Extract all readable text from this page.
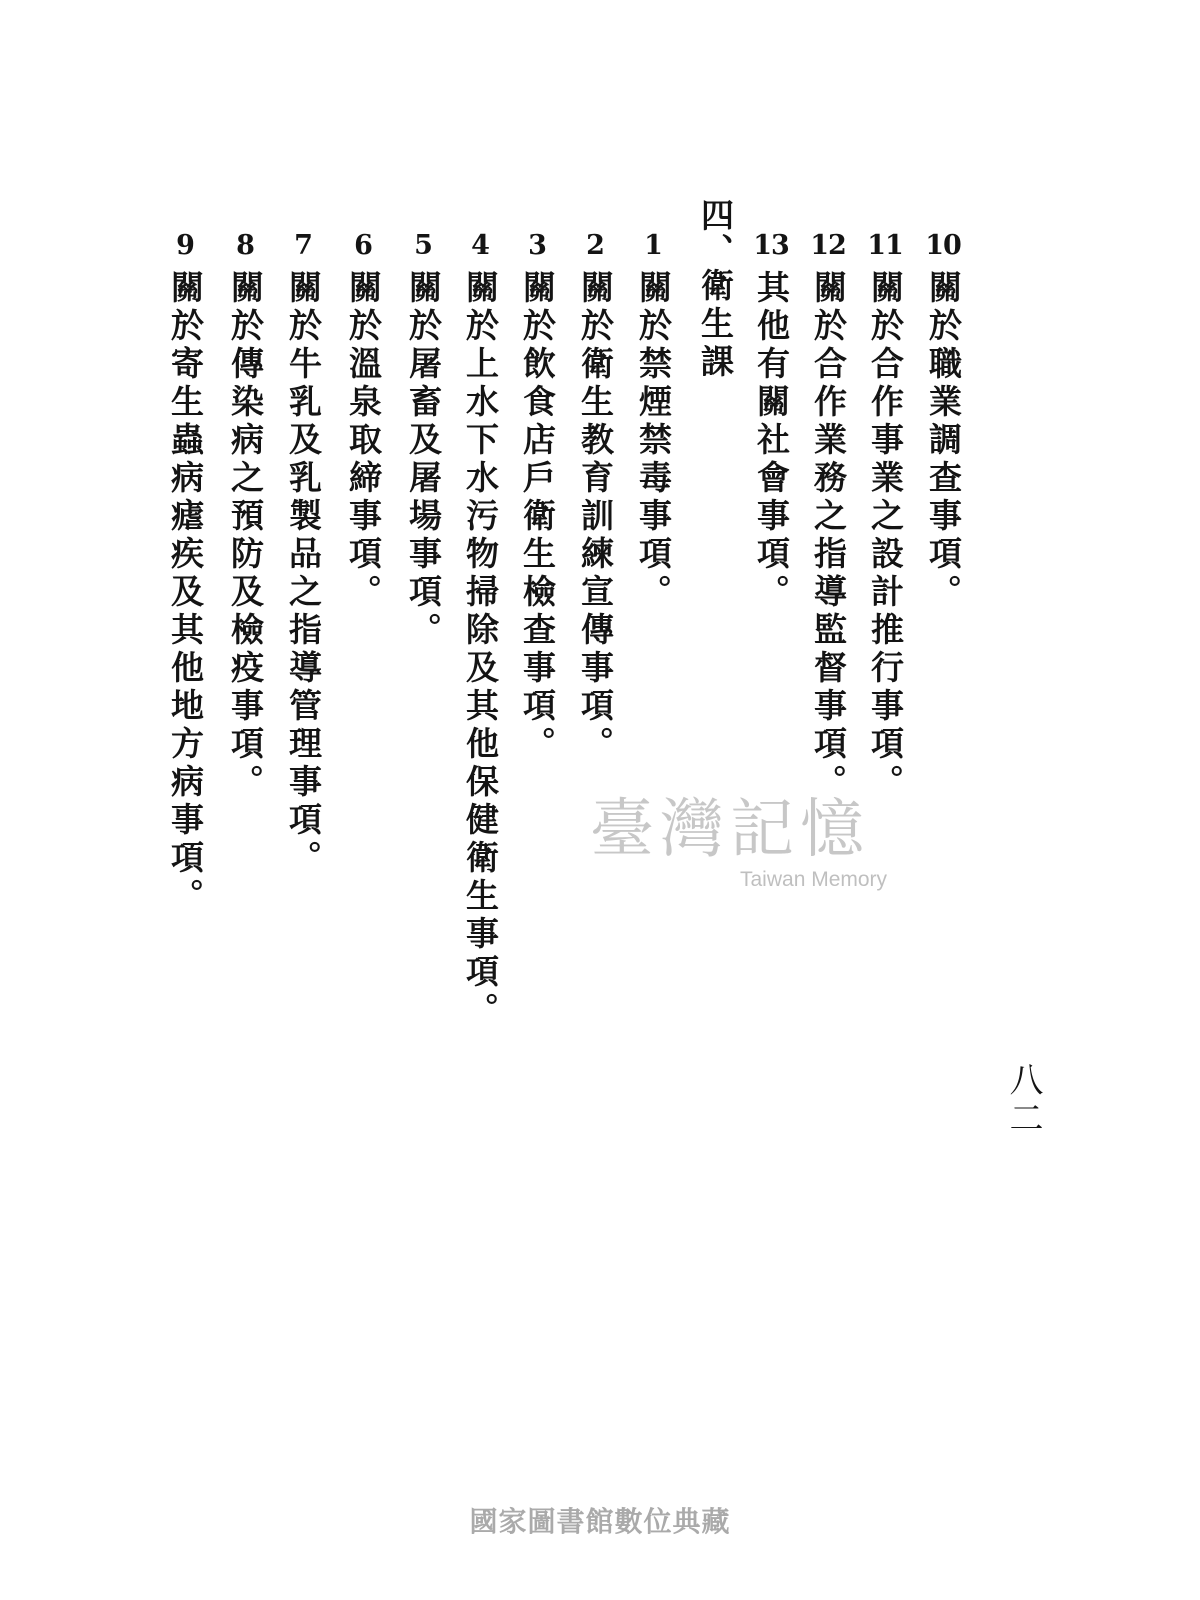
10
關於職業調查事項。
11
關於合作事業之設計推行事項。
12
關於合作業務之指導監督事項。
13
其他有關社會事項。
四、
衛生課
1
關於禁煙禁毒事項。
2
關於衛生教育訓練宣傳事項。
3
關於飲食店戶衛生檢查事項。
4
關於上水下水污物掃除及其他保健衛生事項。
5
關於屠畜及屠場事項。
6
關於溫泉取締事項。
7
關於牛乳及乳製品之指導管理事項。
8
關於傳染病之預防及檢疫事項。
9
關於寄生蟲病瘧疾及其他地方病事項。
八二
臺灣記憶
Taiwan Memory
國家圖書館數位典藏
